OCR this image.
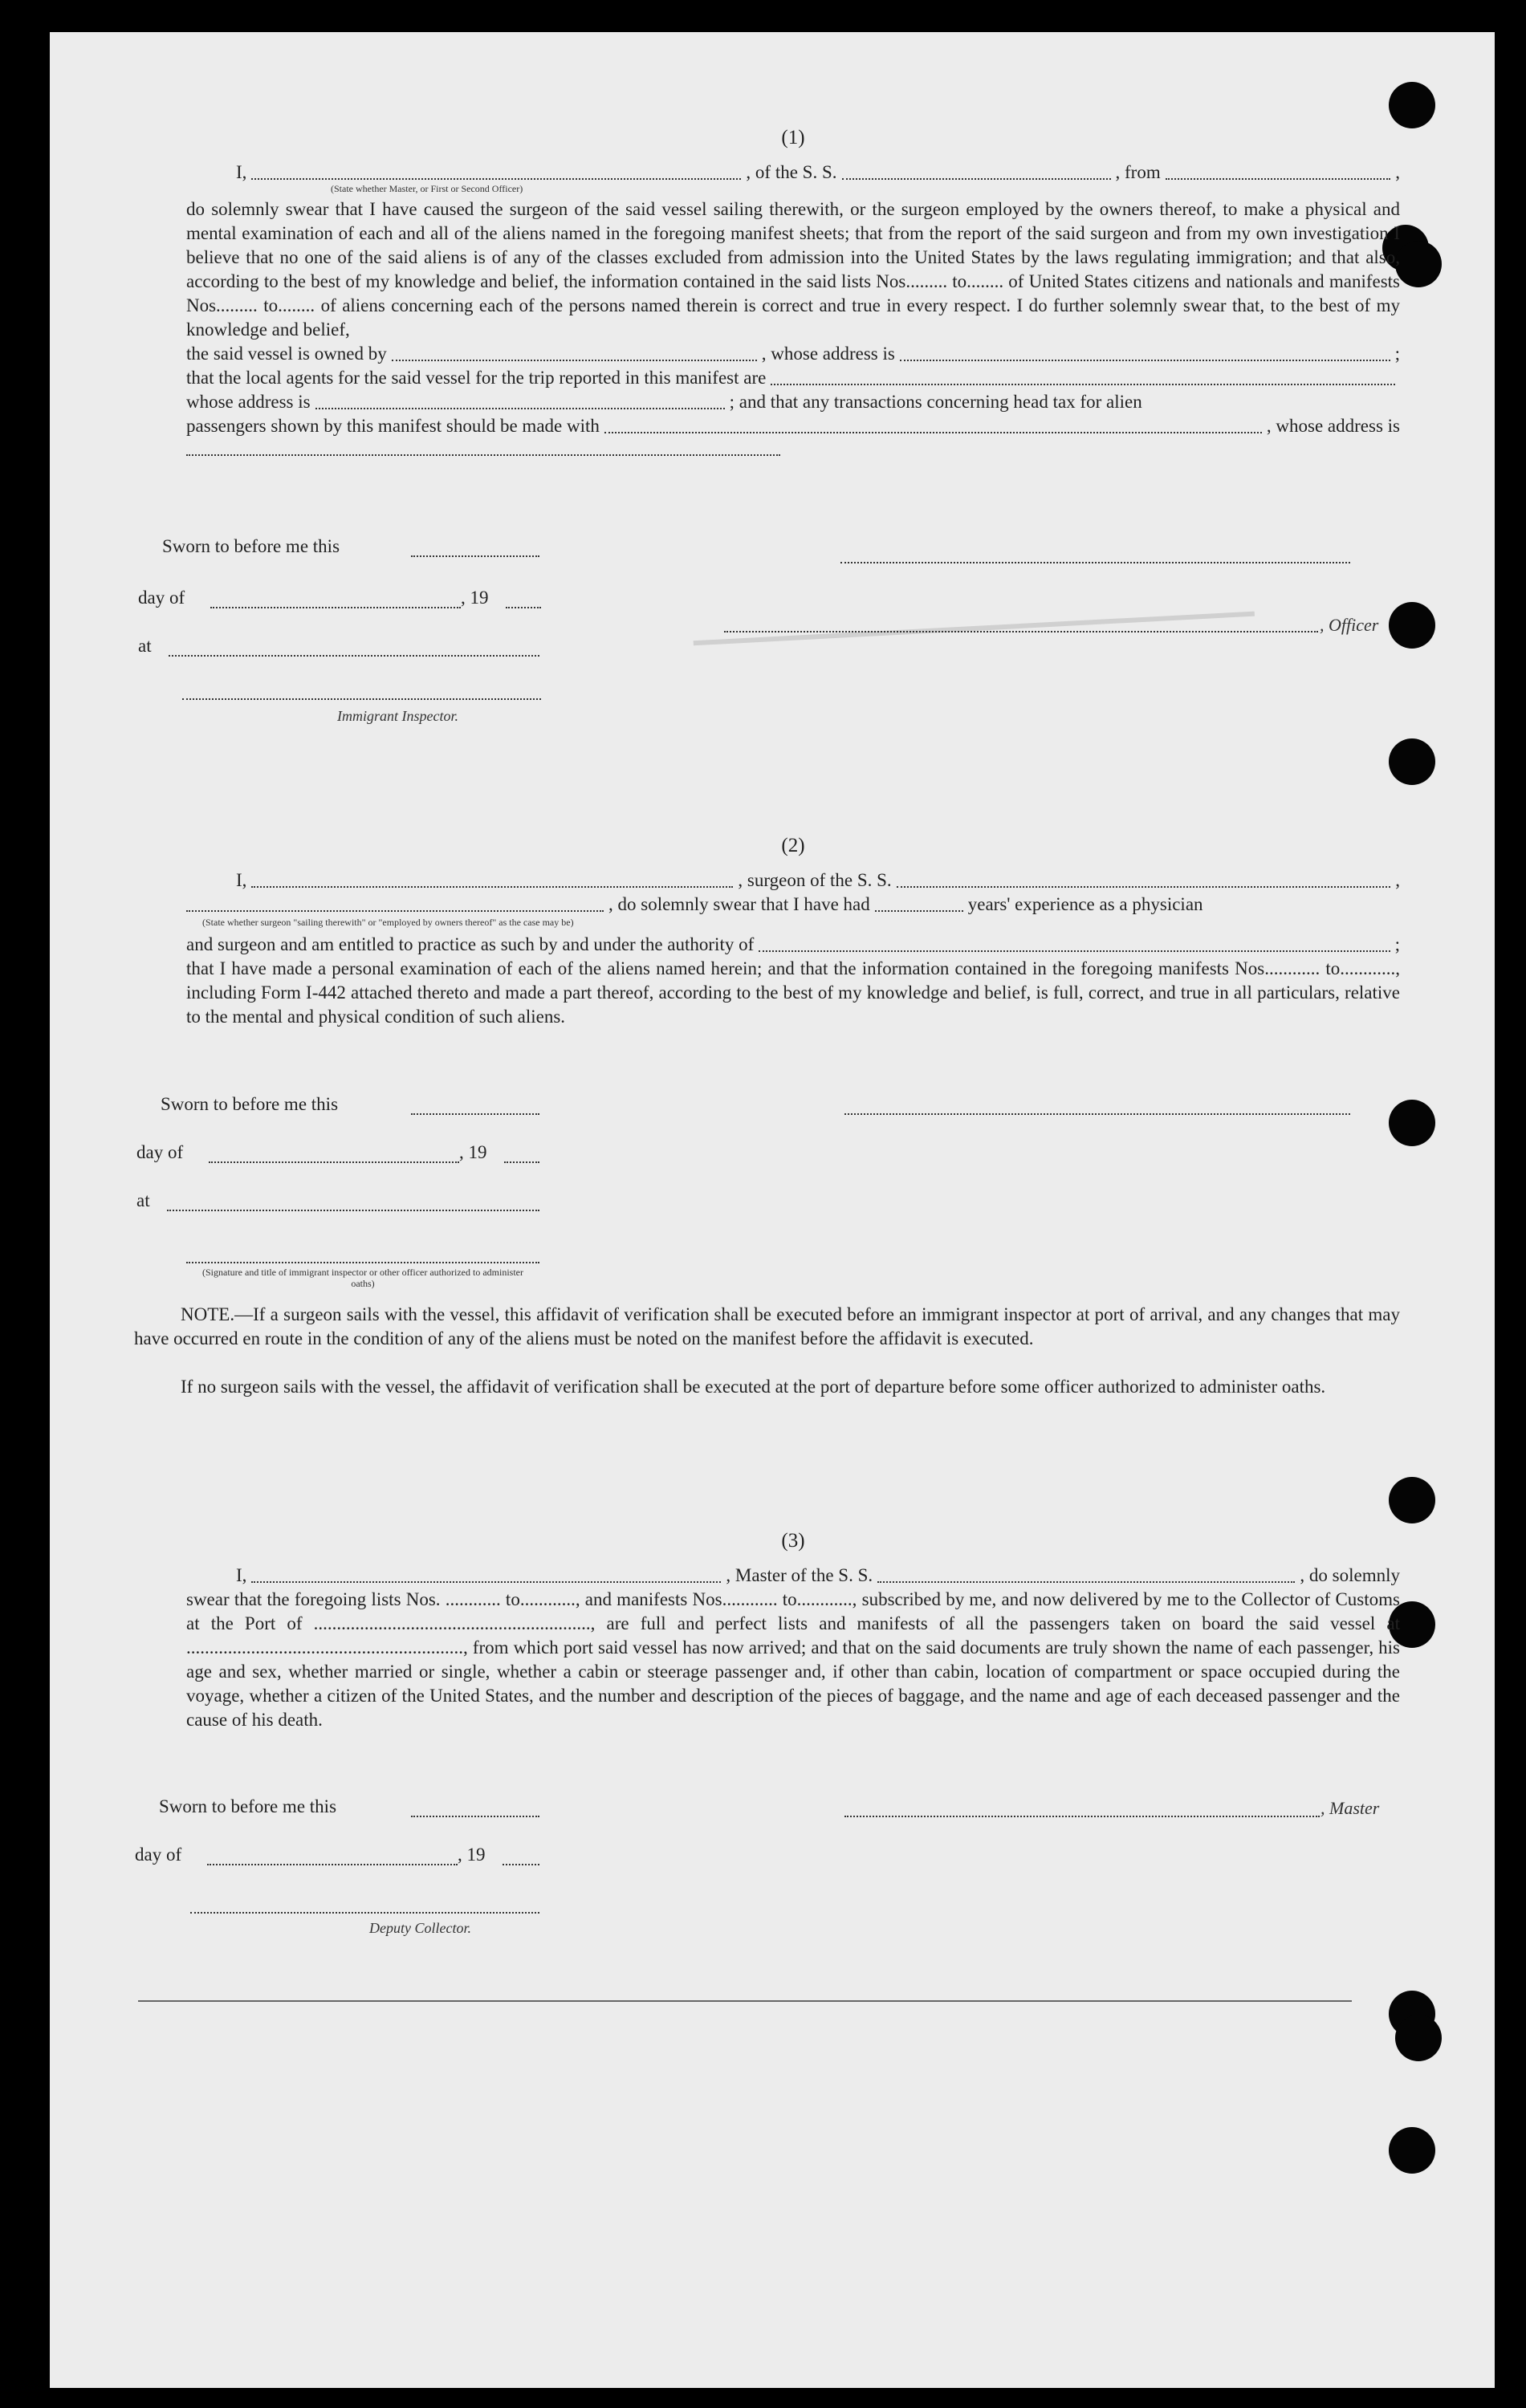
(1)
I,	, of the S. S.	, from	,
(State whether Master, or First or Second Officer)
do solemnly swear that I have caused the surgeon of the said vessel sailing therewith, or the surgeon employed by the owners thereof, to make a physical and mental examination of each and all of the aliens named in the foregoing manifest sheets; that from the report of the said surgeon and from my own investigation I believe that no one of the said aliens is of any of the classes excluded from admission into the United States by the laws regulating immigration; and that also, according to the best of my knowledge and belief, the information contained in the said lists Nos......... to........ of United States citizens and nationals and manifests Nos......... to........ of aliens concerning each of the persons named therein is correct and true in every respect. I do further solemnly swear that, to the best of my knowledge and belief,
the said vessel is owned by	, whose address is	;
that the local agents for the said vessel for the trip reported in this manifest are
whose address is	; and that any transactions concerning head tax for alien
passengers shown by this manifest should be made with	, whose address is
Sworn to before me this
day of	, 19
at
Immigrant Inspector.
, Officer
(2)
I,	, surgeon of the S. S.	,
, do solemnly swear that I have had	years' experience as a physician
(State whether surgeon "sailing therewith" or "employed by owners thereof" as the case may be)
and surgeon and am entitled to practice as such by and under the authority of	;
that I have made a personal examination of each of the aliens named herein; and that the information contained in the foregoing manifests Nos............ to............, including Form I-442 attached thereto and made a part thereof, according to the best of my knowledge and belief, is full, correct, and true in all particulars, relative to the mental and physical condition of such aliens.
Sworn to before me this
day of	, 19
at
(Signature and title of immigrant inspector or other officer authorized to administer oaths)
NOTE.—If a surgeon sails with the vessel, this affidavit of verification shall be executed before an immigrant inspector at port of arrival, and any changes that may have occurred en route in the condition of any of the aliens must be noted on the manifest before the affidavit is executed.
If no surgeon sails with the vessel, the affidavit of verification shall be executed at the port of departure before some officer authorized to administer oaths.
(3)
I,	, Master of the S. S.	, do solemnly
swear that the foregoing lists Nos. ............ to............, and manifests Nos............ to............, subscribed by me, and now delivered by me to the Collector of Customs at the Port of ............................................................, are full and perfect lists and manifests of all the passengers taken on board the said vessel at ............................................................, from which port said vessel has now arrived; and that on the said documents are truly shown the name of each passenger, his age and sex, whether married or single, whether a cabin or steerage passenger and, if other than cabin, location of compartment or space occupied during the voyage, whether a citizen of the United States, and the number and description of the pieces of baggage, and the name and age of each deceased passenger and the cause of his death.
Sworn to before me this	, Master
day of	, 19
Deputy Collector.
